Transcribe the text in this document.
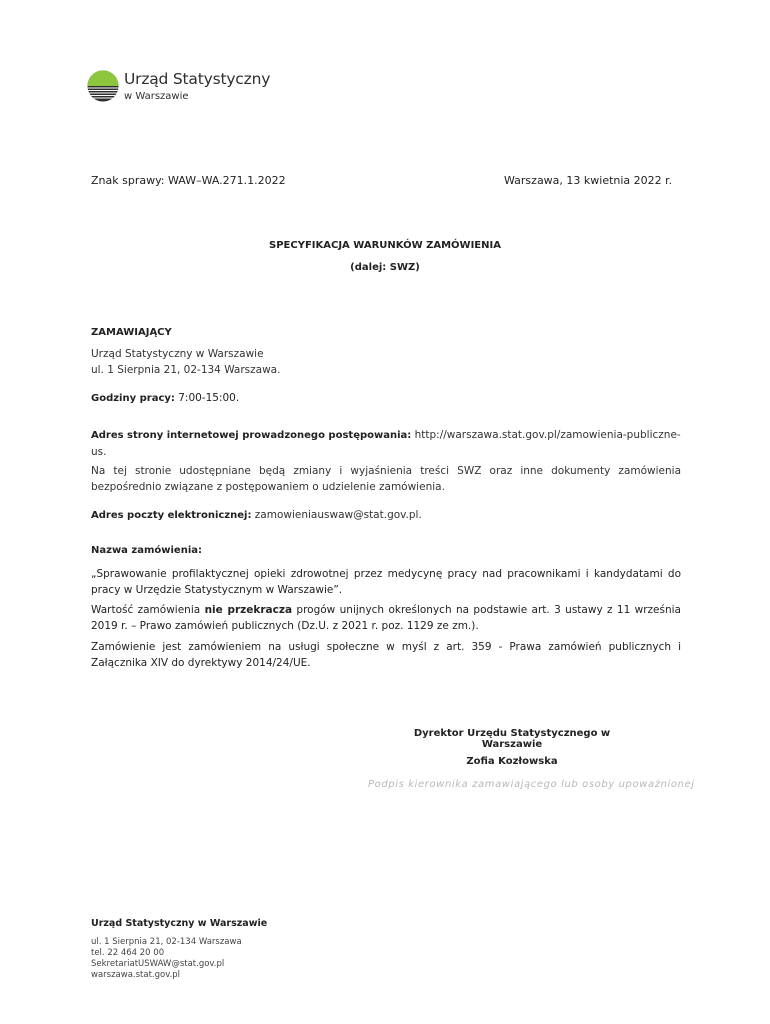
Urząd Statystyczny
w Warszawie
Znak sprawy: WAW–WA.271.1.2022	Warszawa, 13 kwietnia 2022 r.
SPECYFIKACJA WARUNKÓW ZAMÓWIENIA
(dalej: SWZ)
ZAMAWIAJĄCY
Urząd Statystyczny w Warszawie
ul. 1 Sierpnia 21, 02-134 Warszawa.
Godziny pracy: 7:00-15:00.
Adres strony internetowej prowadzonego postępowania: http://warszawa.stat.gov.pl/zamowienia-publiczne-us.
Na tej stronie udostępniane będą zmiany i wyjaśnienia treści SWZ oraz inne dokumenty zamówienia bezpośrednio związane z postępowaniem o udzielenie zamówienia.
Adres poczty elektronicznej: zamowieniauswaw@stat.gov.pl.
Nazwa zamówienia:
„Sprawowanie profilaktycznej opieki zdrowotnej przez medycynę pracy nad pracownikami i kandydatami do pracy w Urzędzie Statystycznym w Warszawie”.
Wartość zamówienia nie przekracza progów unijnych określonych na podstawie art. 3 ustawy z 11 września 2019 r. – Prawo zamówień publicznych (Dz.U. z 2021 r. poz. 1129 ze zm.).
Zamówienie jest zamówieniem na usługi społeczne w myśl z art. 359 - Prawa zamówień publicznych i Załącznika XIV do dyrektywy 2014/24/UE.
Dyrektor Urzędu Statystycznego w Warszawie
Zofia Kozłowska
Podpis kierownika zamawiającego lub osoby upoważnionej
Urząd Statystyczny w Warszawie
ul. 1 Sierpnia 21, 02-134 Warszawa
tel. 22 464 20 00
SekretariatUSWAW@stat.gov.pl
warszawa.stat.gov.pl
